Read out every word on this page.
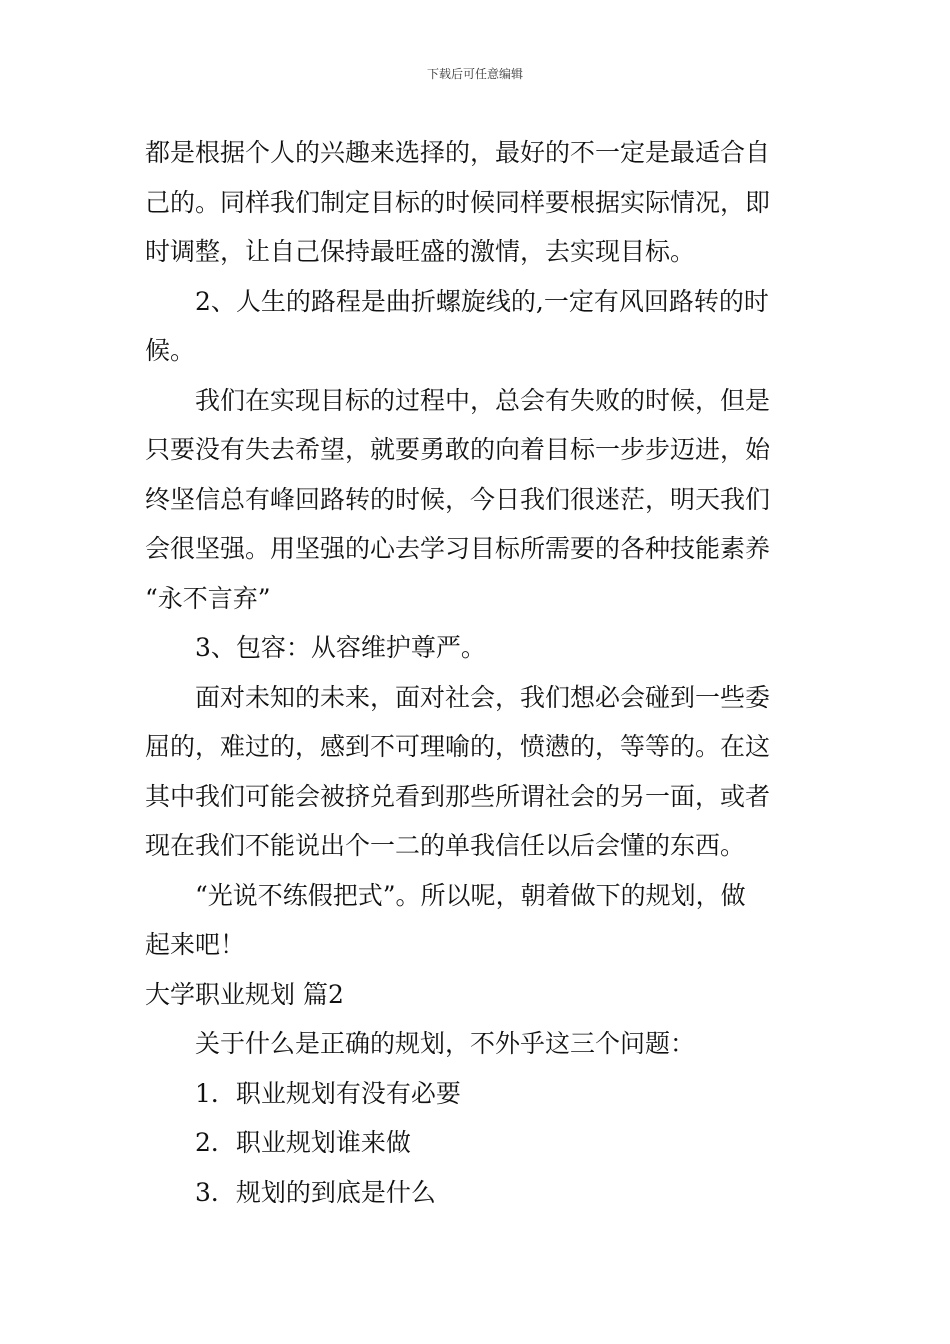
下载后可任意编辑
都是根据个人的兴趣来选择的，最好的不一定是最适合自
己的。同样我们制定目标的时候同样要根据实际情况，即
时调整，让自己保持最旺盛的激情，去实现目标。
2、人生的路程是曲折螺旋线的,一定有风回路转的时
候。
我们在实现目标的过程中，总会有失败的时候，但是
只要没有失去希望，就要勇敢的向着目标一步步迈进，始
终坚信总有峰回路转的时候，今日我们很迷茫，明天我们
会很坚强。用坚强的心去学习目标所需要的各种技能素养
“永不言弃”
3、包容：从容维护尊严。
面对未知的未来，面对社会，我们想必会碰到一些委
屈的，难过的，感到不可理喻的，愤懑的，等等的。在这
其中我们可能会被挤兑看到那些所谓社会的另一面，或者
现在我们不能说出个一二的单我信任以后会懂的东西。
“光说不练假把式”。所以呢，朝着做下的规划，做
起来吧！
大学职业规划 篇2
关于什么是正确的规划，不外乎这三个问题：
1．职业规划有没有必要
2．职业规划谁来做
3．规划的到底是什么
